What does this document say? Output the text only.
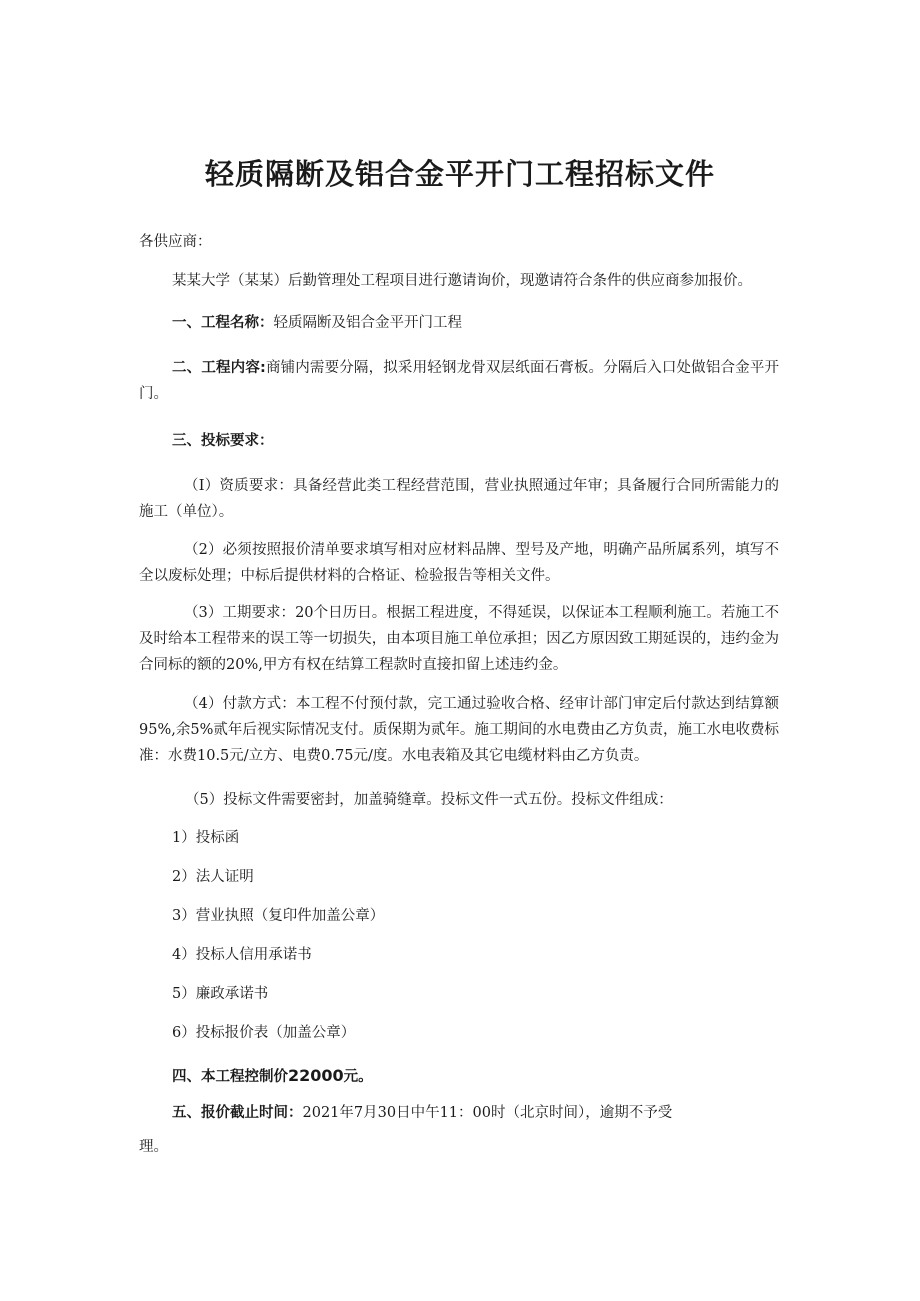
轻质隔断及铝合金平开门工程招标文件
各供应商：
某某大学（某某）后勤管理处工程项目进行邀请询价，现邀请符合条件的供应商参加报价。
一、工程名称：轻质隔断及铝合金平开门工程
二、工程内容:商铺内需要分隔，拟采用轻钢龙骨双层纸面石膏板。分隔后入口处做铝合金平开门。
三、投标要求：
（I）资质要求：具备经营此类工程经营范围，营业执照通过年审；具备履行合同所需能力的施工（单位）。
（2）必须按照报价清单要求填写相对应材料品牌、型号及产地，明确产品所属系列，填写不全以废标处理；中标后提供材料的合格证、检验报告等相关文件。
（3）工期要求：20个日历日。根据工程进度，不得延误，以保证本工程顺利施工。若施工不及时给本工程带来的误工等一切损失，由本项目施工单位承担；因乙方原因致工期延误的，违约金为合同标的额的20%,甲方有权在结算工程款时直接扣留上述违约金。
（4）付款方式：本工程不付预付款，完工通过验收合格、经审计部门审定后付款达到结算额95%,余5%贰年后视实际情况支付。质保期为贰年。施工期间的水电费由乙方负责，施工水电收费标准：水费10.5元/立方、电费0.75元/度。水电表箱及其它电缆材料由乙方负责。
（5）投标文件需要密封，加盖骑缝章。投标文件一式五份。投标文件组成：
1）投标函
2）法人证明
3）营业执照（复印件加盖公章）
4）投标人信用承诺书
5）廉政承诺书
6）投标报价表（加盖公章）
四、本工程控制价22000元。
五、报价截止时间：2021年7月30日中午11：00时（北京时间），逾期不予受
理。
